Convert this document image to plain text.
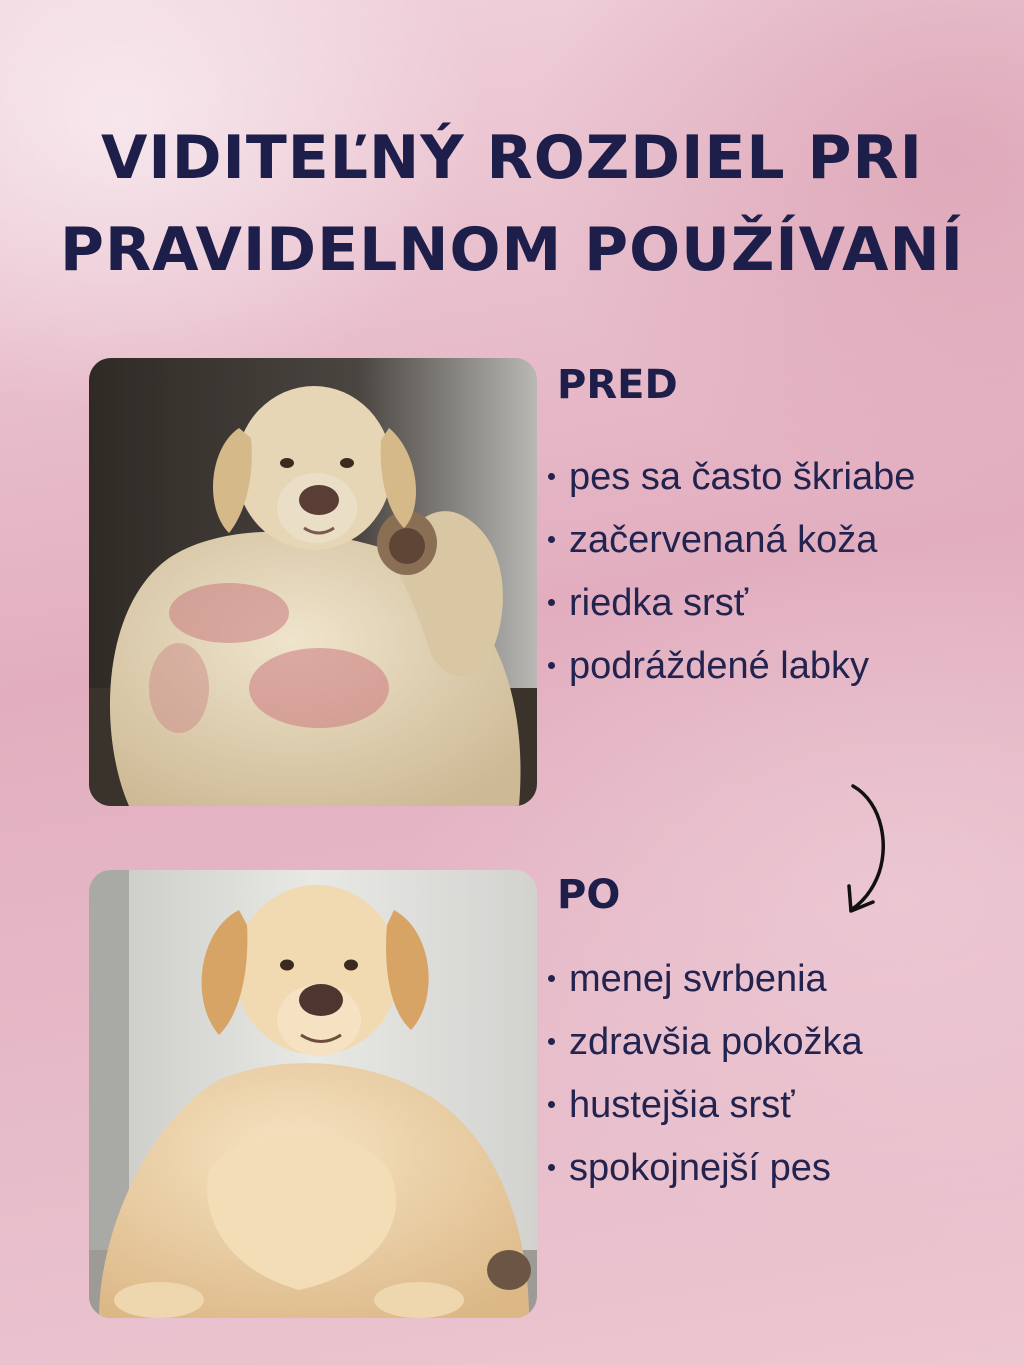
VIDITEĽNÝ ROZDIEL PRI
PRAVIDELNOM POUŽÍVANÍ
PRED
pes sa často škriabe
začervenaná koža
riedka srsť
podráždené labky
PO
menej svrbenia
zdravšia pokožka
hustejšia srsť
spokojnejší pes
